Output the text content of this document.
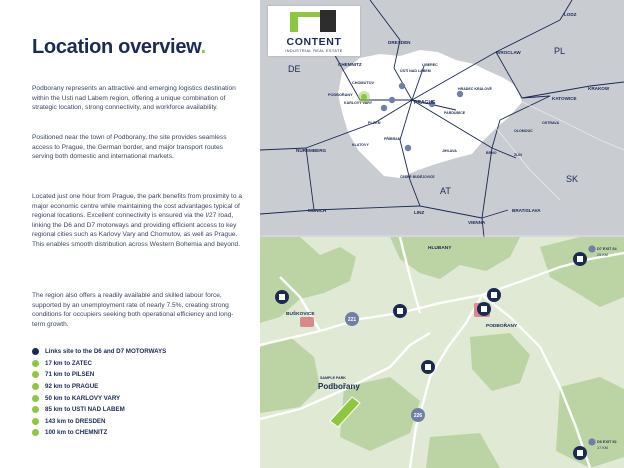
Location overview.

Podborany represents an attractive and emerging logistics destination within the Usti nad Labem region, offering a unique combination of strategic location, strong connectivity, and workforce availability.

Positioned near the town of Podborany, the site provides seamless access to Prague, the German border, and major transport routes serving both domestic and international markets.

Located just one hour from Prague, the park benefits from proximity to a major economic centre while maintaining the cost advantages typical of regional locations. Excellent connectivity is ensured via the I/27 road, linking the D6 and D7 motorways and providing efficient access to key regional cities such as Karlovy Vary and Chomutov, as well as Prague. This enables smooth distribution across Western Bohemia and beyond.

The region also offers a readily available and skilled labour force, supported by an unemployment rate of nearly 7.5%, creating strong conditions for occupiers seeking both operational efficiency and long-term growth.

Links site to the D6 and D7 MOTORWAYS
17 km to ZATEC
71 km to PILSEN
92 km to PRAGUE
50 km to KARLOVY VARY
85 km to USTI NAD LABEM
143 km to DRESDEN
100 km to CHEMNITZ
LODZ
DRESDEN
WROCLAW
CHEMNITZ
ÚSTÍ NAD LABEM
LIBEREC
CHOMUTOV
PODBOŘANY
KARLOVY VARY	PRAGUE
HRADEC KRÁLOVÉ
PARDUBICE
KATOWICE
KRAKOW
OSTRAVA
OLOMOUC
PLZEŇ
PŘÍBRAM
NUREMBERG
KLATOVY
JIHLAVA	BRNO	ZLÍN
ČESKÉ BUDĚJOVICE
MUNICH	LINZ
VIENNA
BRATISLAVA
DE
PL
AT
SK
CONTENT
INDUSTRIAL REAL ESTATE
HLUBANY
BUŠKOVICE
PODBOŘANY
221
226
D7 EXIT 64
25 KM
D6 EXIT 52
17 KM
SAMPLE PARK
Podbořany
